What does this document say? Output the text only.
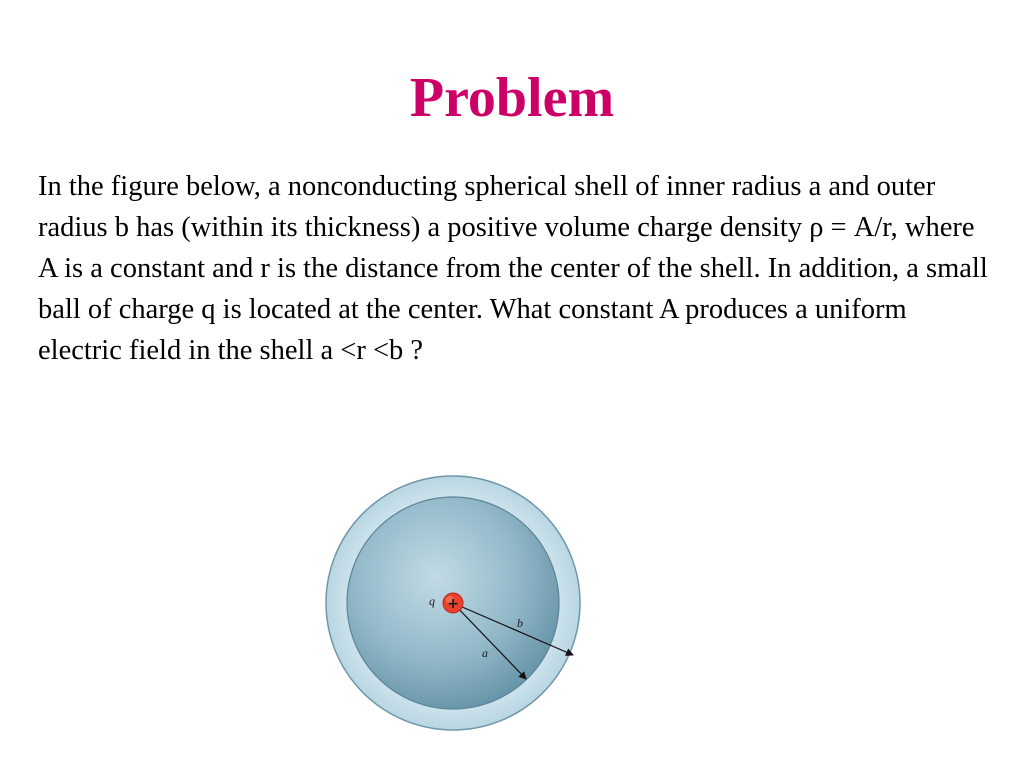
Problem

In the figure below, a nonconducting spherical shell of inner radius a and outer radius b has (within its thickness) a positive volume charge density ρ = A/r, where A is a constant and r is the distance from the center of the shell. In addition, a small ball of charge q is located at the center. What constant A produces a uniform electric field in the shell a <r <b ?

+
q
b
a
